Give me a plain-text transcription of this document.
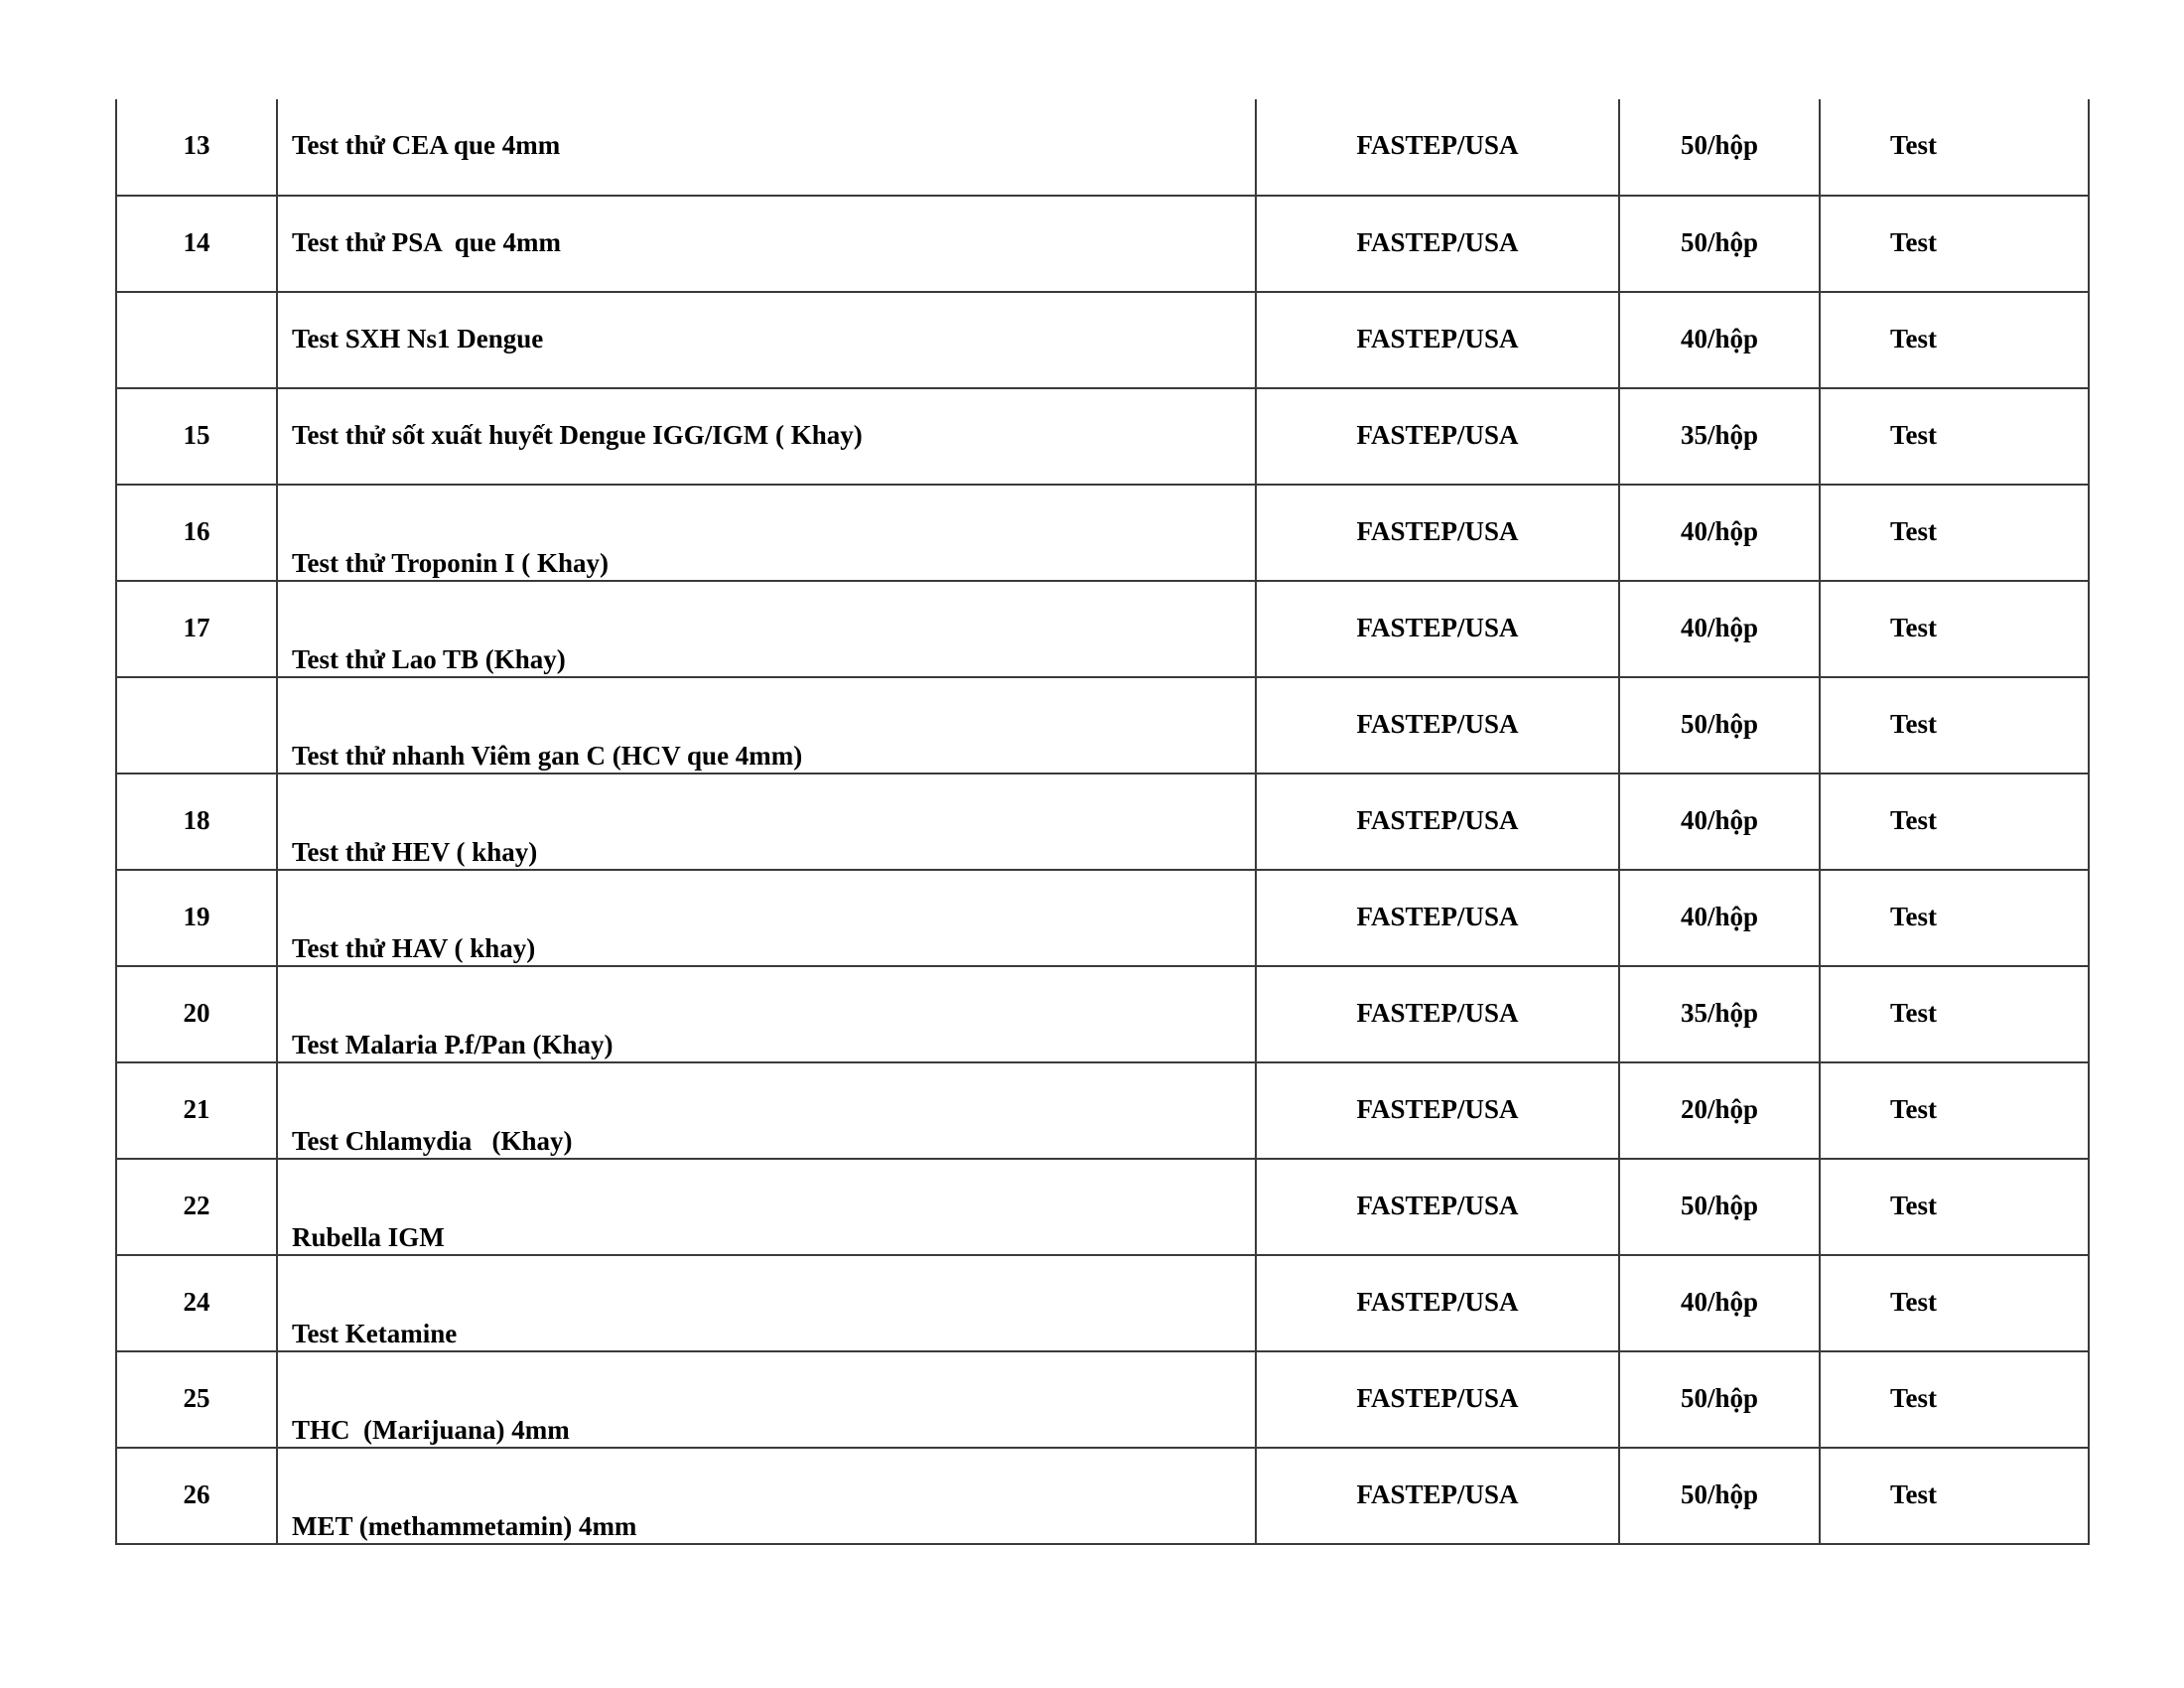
13	Test thử CEA que 4mm	FASTEP/USA	50/hộp	Test

14	Test thử PSA  que 4mm	FASTEP/USA	50/hộp	Test

	Test SXH Ns1 Dengue	FASTEP/USA	40/hộp	Test

15	Test thử sốt xuất huyết Dengue IGG/IGM ( Khay)	FASTEP/USA	35/hộp	Test

16	Test thử Troponin I ( Khay)	FASTEP/USA	40/hộp	Test

17	Test thử Lao TB (Khay)	FASTEP/USA	40/hộp	Test

	Test thử nhanh Viêm gan C (HCV que 4mm)	FASTEP/USA	50/hộp	Test

18	Test thử HEV ( khay)	FASTEP/USA	40/hộp	Test

19	Test thử HAV ( khay)	FASTEP/USA	40/hộp	Test

20	Test Malaria P.f/Pan (Khay)	FASTEP/USA	35/hộp	Test

21	Test Chlamydia   (Khay)	FASTEP/USA	20/hộp	Test

22	Rubella IGM	FASTEP/USA	50/hộp	Test

24	Test Ketamine	FASTEP/USA	40/hộp	Test

25	THC  (Marijuana) 4mm	FASTEP/USA	50/hộp	Test

26	MET (methammetamin) 4mm	FASTEP/USA	50/hộp	Test
